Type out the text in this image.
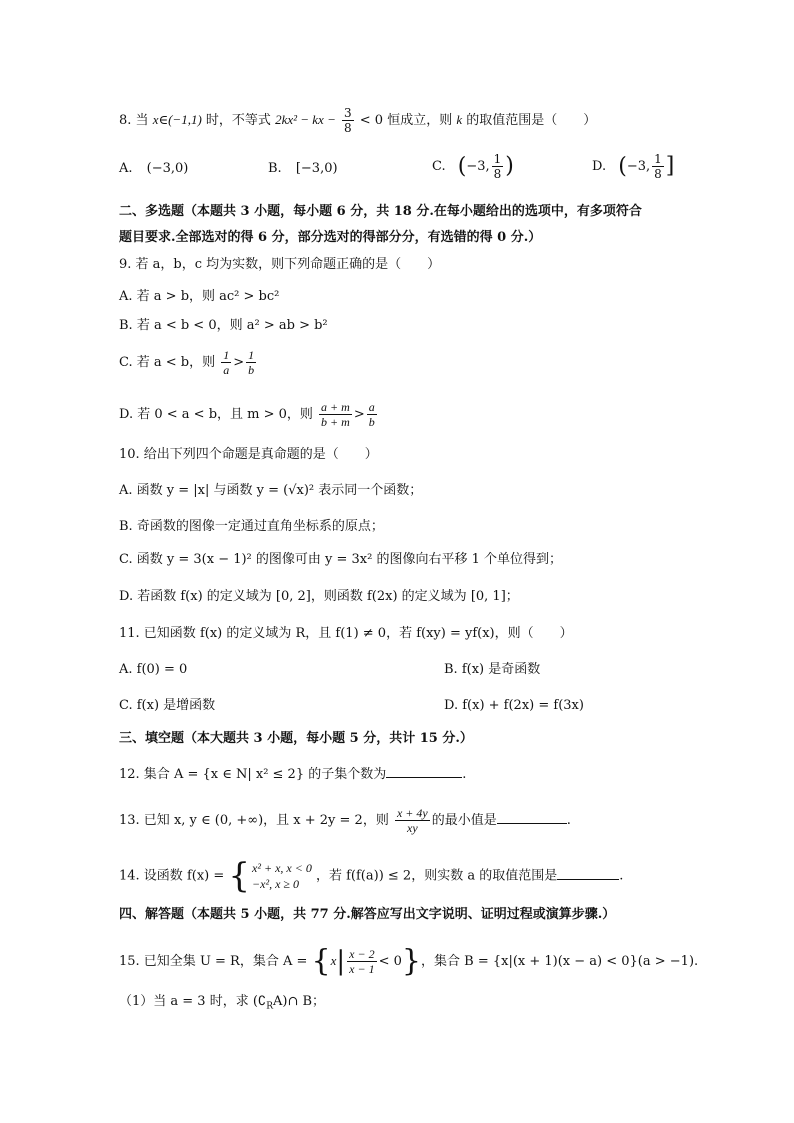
8. 当 x∈(−1,1) 时，不等式 2kx² − kx − $\frac{3}{8} < 0$ 恒成立，则 k 的取值范围是（　　）
A. (−3,0)	B. [−3,0)	C. (−3, $\frac{1}{8}$ )	D. (−3, $\frac{1}{8}$ ]
二、多选题（本题共 3 小题，每小题 6 分，共 18 分.在每小题给出的选项中，有多项符合
题目要求.全部选对的得 6 分，部分选对的得部分分，有选错的得 0 分.）
9. 若 a，b，c 均为实数，则下列命题正确的是（　　）
A. 若 a > b，则 ac² > bc²
B. 若 a < b < 0，则 a² > ab > b²
C. 若 a < b，则 $\frac{1}{a} > \frac{1}{b}$
D. 若 0 < a < b，且 m > 0，则 $\frac{a + m}{b + m} > \frac{a}{b}$
10. 给出下列四个命题是真命题的是（　　）
A. 函数 y = |x| 与函数 y = (√x)² 表示同一个函数；
B. 奇函数的图像一定通过直角坐标系的原点；
C. 函数 y = 3(x − 1)² 的图像可由 y = 3x² 的图像向右平移 1 个单位得到；
D. 若函数 f(x) 的定义域为 [0, 2]，则函数 f(2x) 的定义域为 [0, 1]；
11. 已知函数 f(x) 的定义域为 R，且 f(1) ≠ 0，若 f(xy) = yf(x)，则（　　）
A. f(0) = 0	B. f(x) 是奇函数
C. f(x) 是增函数	D. f(x) + f(2x) = f(3x)
三、填空题（本大题共 3 小题，每小题 5 分，共计 15 分.）
12. 集合 A = {x ∈ N| x² ≤ 2} 的子集个数为	.
13. 已知 x, y ∈ (0, +∞)，且 x + 2y = 2，则 $\frac{x + 4y}{xy}$ 的最小值是	.
14. 设函数 f(x) = { x² + x, x < 0
−x², x ≥ 0
，若 f(f(a)) ≤ 2，则实数 a 的取值范围是	.
四、解答题（本题共 5 小题，共 77 分.解答应写出文字说明、证明过程或演算步骤.）
15. 已知全集 U = R，集合 $A = \{x| \frac{x - 2}{x - 1} < 0\}$，集合 B = {x|(x + 1)(x − a) < 0}(a > −1).
（1）当 a = 3 时，求 $(∁_RA)\cap$ B；
